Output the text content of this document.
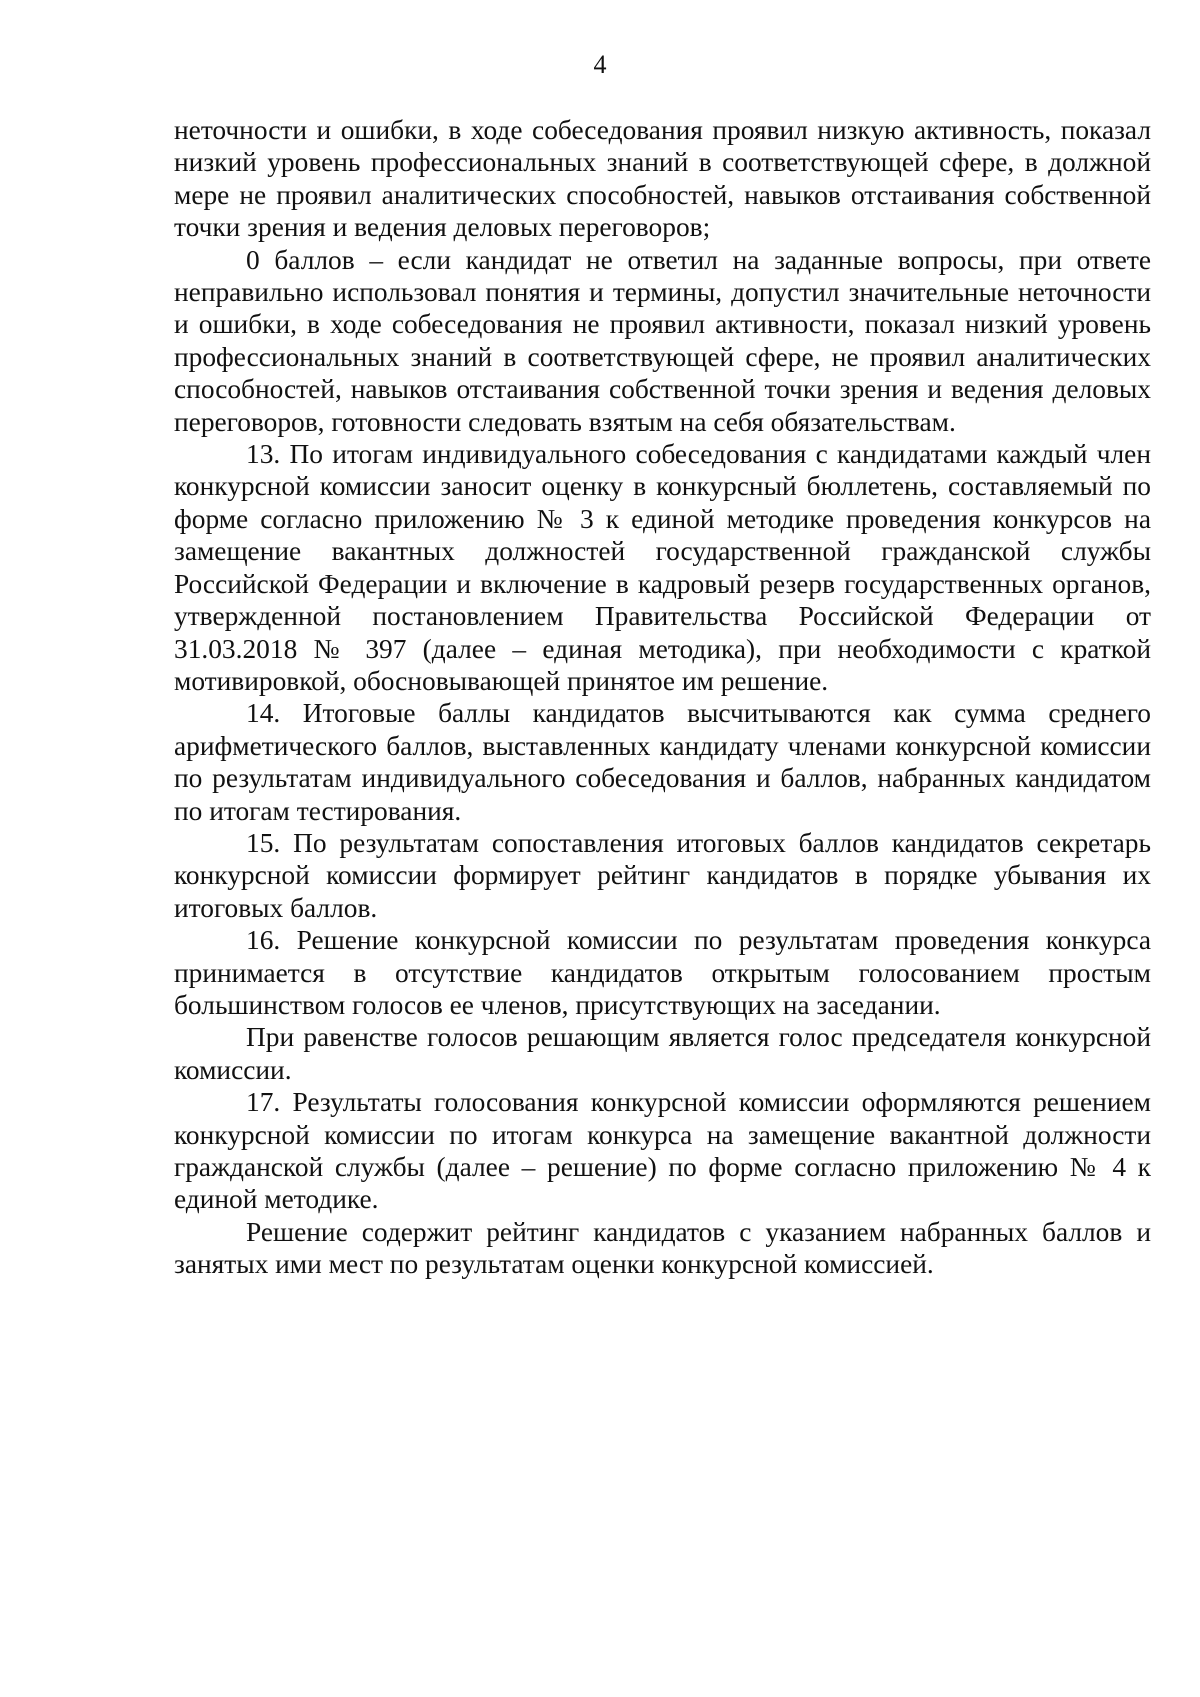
4

неточности и ошибки, в ходе собеседования проявил низкую активность, показал низкий уровень профессиональных знаний в соответствующей сфере, в должной мере не проявил аналитических способностей, навыков отстаивания собственной точки зрения и ведения деловых переговоров;

0 баллов – если кандидат не ответил на заданные вопросы, при ответе неправильно использовал понятия и термины, допустил значительные неточности и ошибки, в ходе собеседования не проявил активности, показал низкий уровень профессиональных знаний в соответствующей сфере, не проявил аналитических способностей, навыков отстаивания собственной точки зрения и ведения деловых переговоров, готовности следовать взятым на себя обязательствам.

13. По итогам индивидуального собеседования с кандидатами каждый член конкурсной комиссии заносит оценку в конкурсный бюллетень, составляемый по форме согласно приложению № 3 к единой методике проведения конкурсов на замещение вакантных должностей государственной гражданской службы Российской Федерации и включение в кадровый резерв государственных органов, утвержденной постановлением Правительства Российской Федерации от 31.03.2018 № 397 (далее – единая методика), при необходимости с краткой мотивировкой, обосновывающей принятое им решение.

14. Итоговые баллы кандидатов высчитываются как сумма среднего арифметического баллов, выставленных кандидату членами конкурсной комиссии по результатам индивидуального собеседования и баллов, набранных кандидатом по итогам тестирования.

15. По результатам сопоставления итоговых баллов кандидатов секретарь конкурсной комиссии формирует рейтинг кандидатов в порядке убывания их итоговых баллов.

16. Решение конкурсной комиссии по результатам проведения конкурса принимается в отсутствие кандидатов открытым голосованием простым большинством голосов ее членов, присутствующих на заседании.

При равенстве голосов решающим является голос председателя конкурсной комиссии.

17. Результаты голосования конкурсной комиссии оформляются решением конкурсной комиссии по итогам конкурса на замещение вакантной должности гражданской службы (далее – решение) по форме согласно приложению № 4 к единой методике.

Решение содержит рейтинг кандидатов с указанием набранных баллов и занятых ими мест по результатам оценки конкурсной комиссией.
